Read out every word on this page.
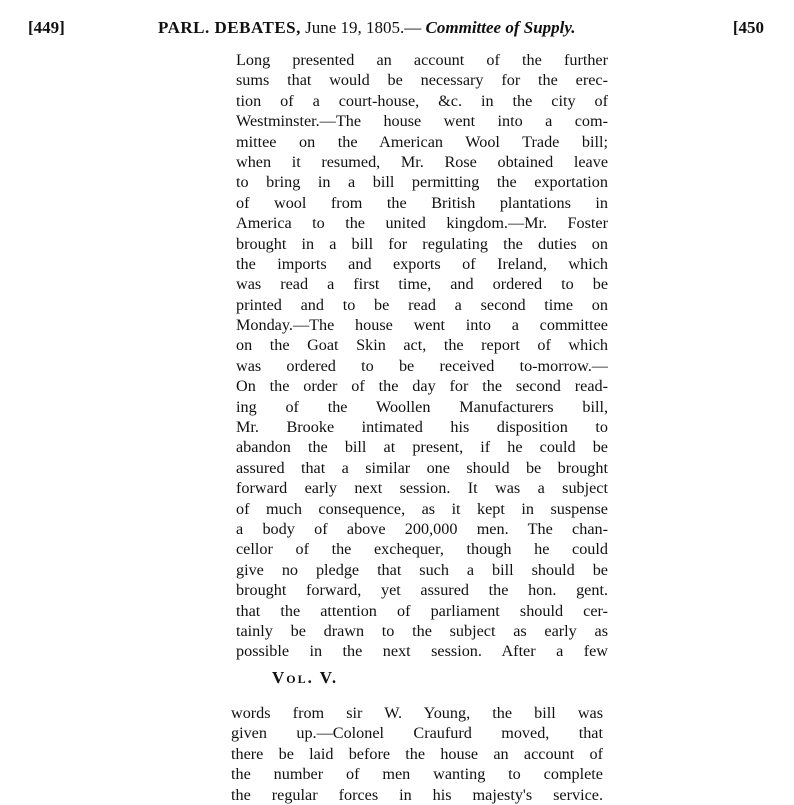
[449]	PARL. DEBATES, June 19, 1805.— Committee of Supply.	[450
Long presented an account of the further
sums that would be necessary for the erec-
tion of a court-house, &c. in the city of
Westminster.—The house went into a com-
mittee on the American Wool Trade bill;
when it resumed, Mr. Rose obtained leave
to bring in a bill permitting the exportation
of wool from the British plantations in
America to the united kingdom.—Mr. Foster
brought in a bill for regulating the duties on
the imports and exports of Ireland, which
was read a first time, and ordered to be
printed and to be read a second time on
Monday.—The house went into a committee
on the Goat Skin act, the report of which
was ordered to be received to-morrow.—
On the order of the day for the second read-
ing of the Woollen Manufacturers bill,
Mr. Brooke intimated his disposition to
abandon the bill at present, if he could be
assured that a similar one should be brought
forward early next session. It was a subject
of much consequence, as it kept in suspense
a body of above 200,000 men. The chan-
cellor of the exchequer, though he could
give no pledge that such a bill should be
brought forward, yet assured the hon. gent.
that the attention of parliament should cer-
tainly be drawn to the subject as early as
possible in the next session. After a few
Vol. V.
words from sir W. Young, the bill was
given up.—Colonel Craufurd moved, that
there be laid before the house an account of
the number of men wanting to complete
the regular forces in his majesty's service.
